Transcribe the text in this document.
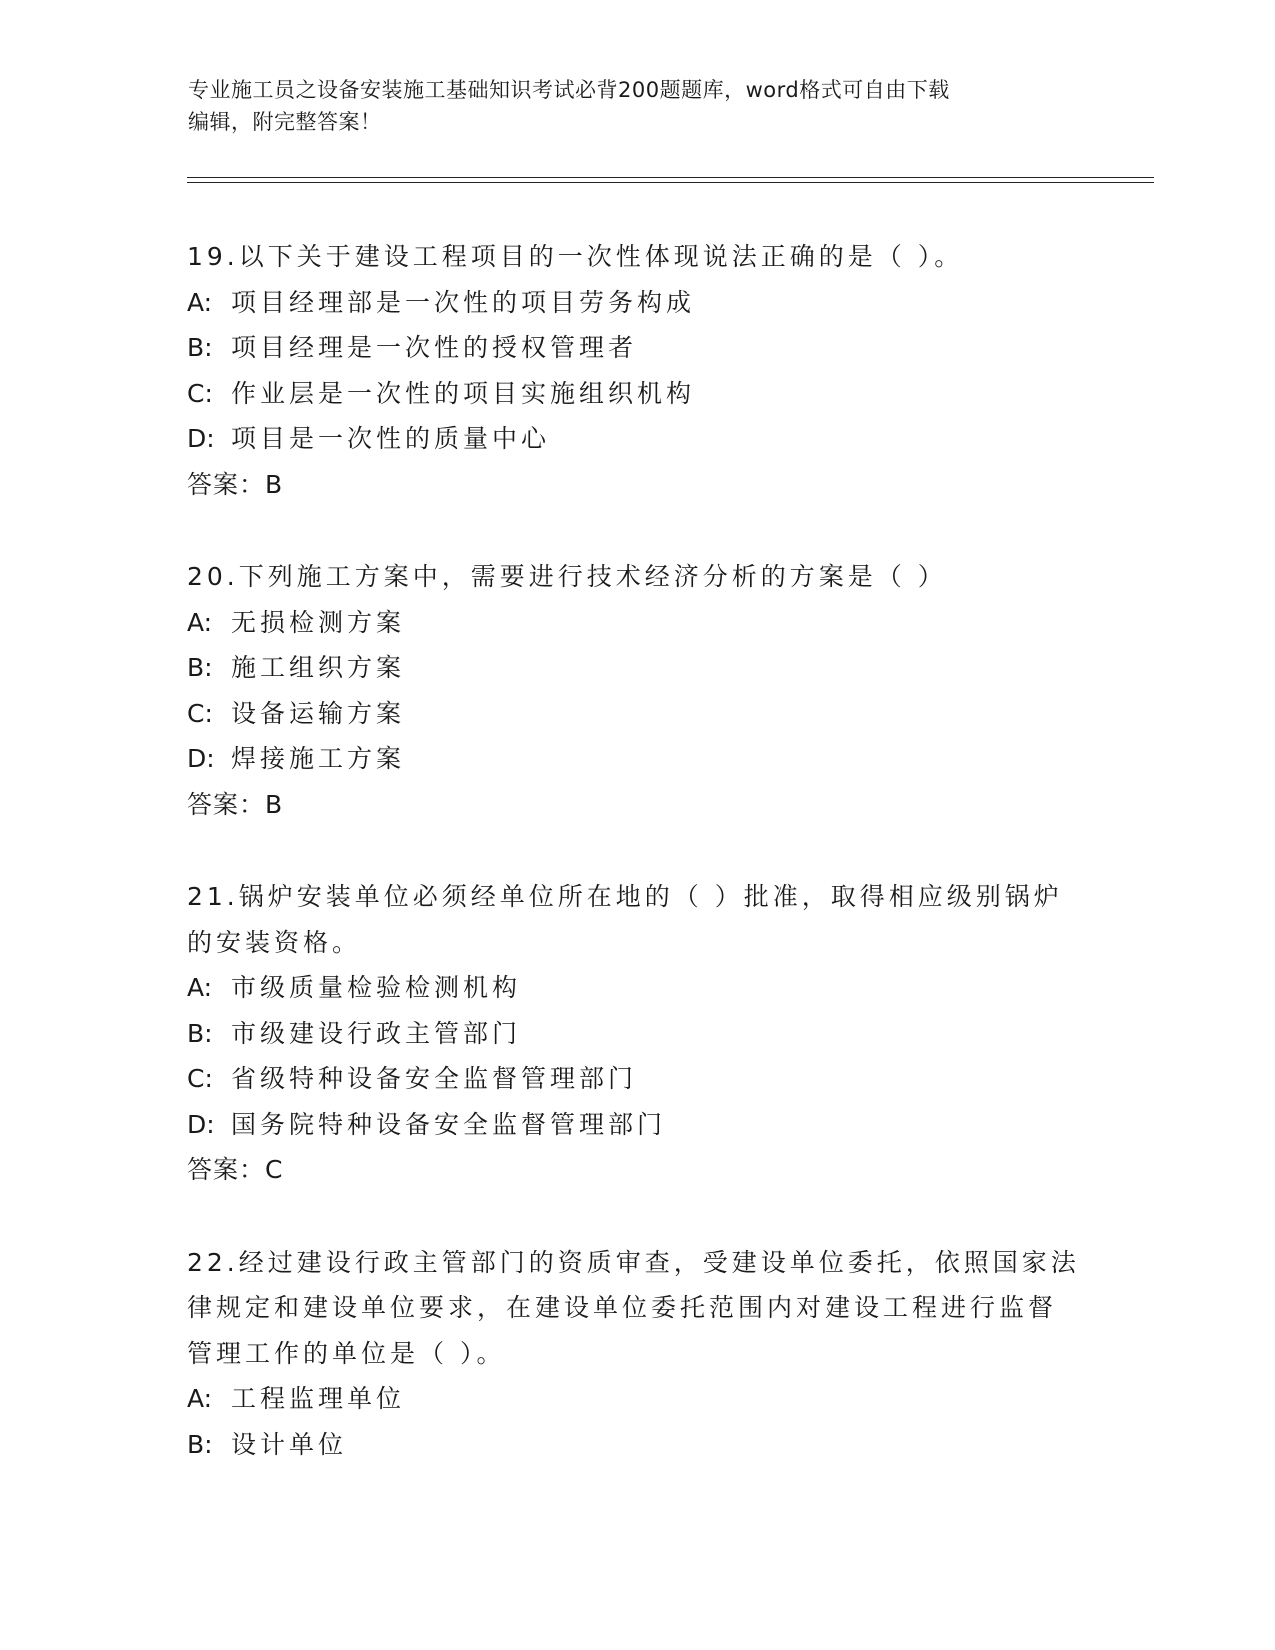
专业施工员之设备安装施工基础知识考试必背200题题库，word格式可自由下载
编辑，附完整答案！
19.以下关于建设工程项目的一次性体现说法正确的是（ ）。
A: 项目经理部是一次性的项目劳务构成
B: 项目经理是一次性的授权管理者
C: 作业层是一次性的项目实施组织机构
D: 项目是一次性的质量中心
答案：B
20.下列施工方案中，需要进行技术经济分析的方案是（ ）
A: 无损检测方案
B: 施工组织方案
C: 设备运输方案
D: 焊接施工方案
答案：B
21.锅炉安装单位必须经单位所在地的（ ）批准，取得相应级别锅炉
的安装资格。
A: 市级质量检验检测机构
B: 市级建设行政主管部门
C: 省级特种设备安全监督管理部门
D: 国务院特种设备安全监督管理部门
答案：C
22.经过建设行政主管部门的资质审查，受建设单位委托，依照国家法
律规定和建设单位要求，在建设单位委托范围内对建设工程进行监督
管理工作的单位是（ ）。
A: 工程监理单位
B: 设计单位
